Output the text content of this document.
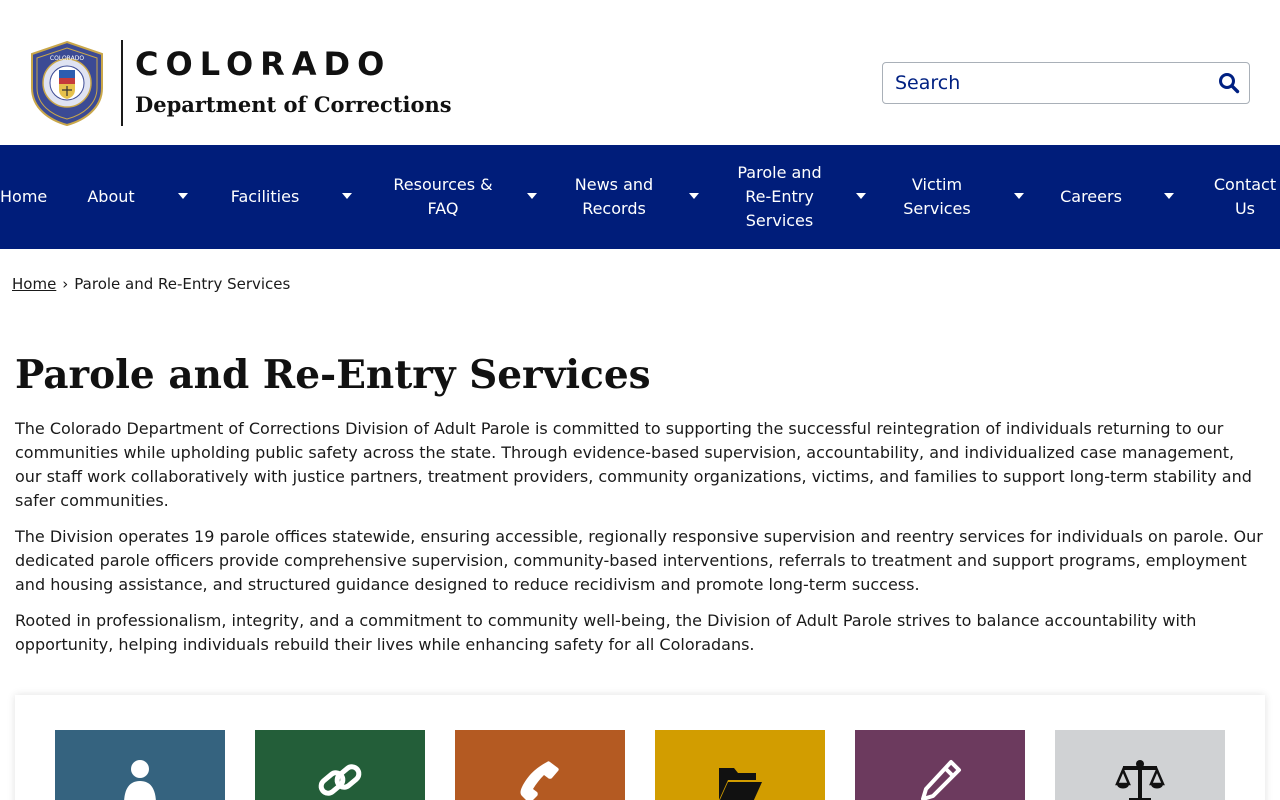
COLORADO COLORADO
Department of Corrections
Search
Home	About	Facilities
Resources & FAQ
News and Records
Parole and Re-Entry Services
Victim Services
Careers
Contact Us
Home › Parole and Re-Entry Services
Parole and Re-Entry Services

The Colorado Department of Corrections Division of Adult Parole is committed to supporting the successful reintegration of individuals returning to our communities while upholding public safety across the state. Through evidence-based supervision, accountability, and individualized case management, our staff work collaboratively with justice partners, treatment providers, community organizations, victims, and families to support long-term stability and safer communities.

The Division operates 19 parole offices statewide, ensuring accessible, regionally responsive supervision and reentry services for individuals on parole. Our dedicated parole officers provide comprehensive supervision, community-based interventions, referrals to treatment and support programs, employment and housing assistance, and structured guidance designed to reduce recidivism and promote long-term success.

Rooted in professionalism, integrity, and a commitment to community well-being, the Division of Adult Parole strives to balance accountability with opportunity, helping individuals rebuild their lives while enhancing safety for all Coloradans.
